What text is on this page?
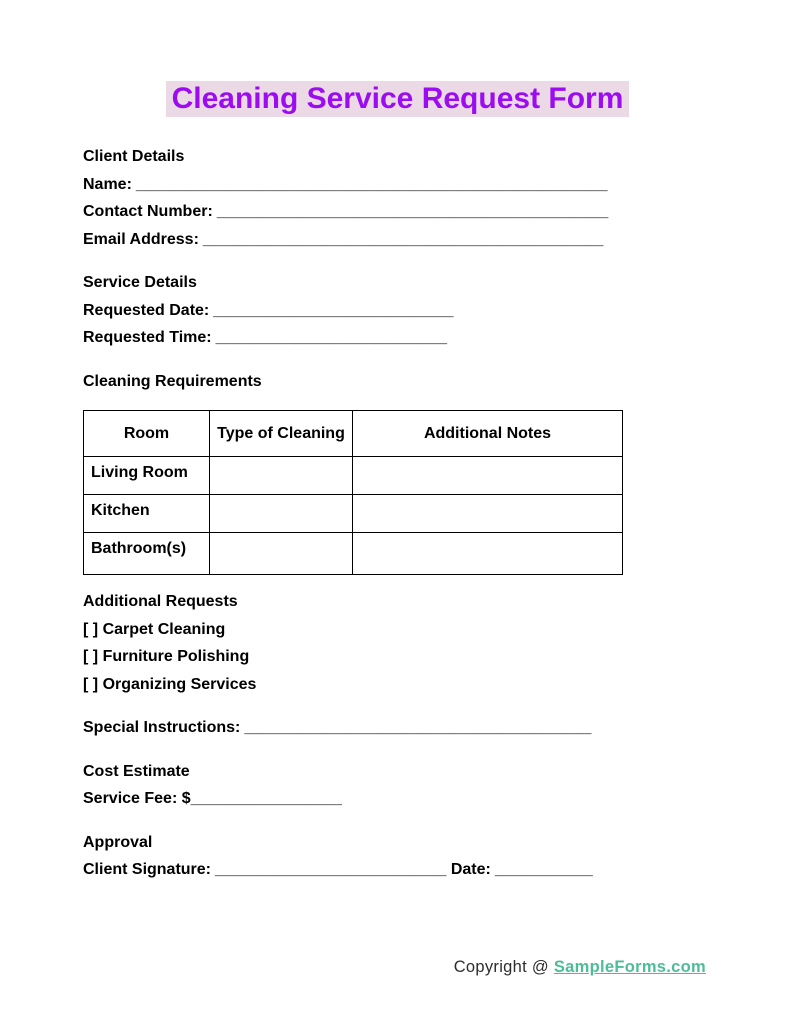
Cleaning Service Request Form

Client Details

Name: _____________________________________________________

Contact Number: ____________________________________________

Email Address: _____________________________________________

Service Details

Requested Date: ___________________________

Requested Time: __________________________

Cleaning Requirements

Room	Type of Cleaning	Additional Notes
Living Room		
Kitchen		
Bathroom(s)		

Additional Requests

[ ] Carpet Cleaning

[ ] Furniture Polishing

[ ] Organizing Services

Special Instructions: _______________________________________

Cost Estimate

Service Fee: $_________________

Approval

Client Signature: __________________________ Date: ___________

Copyright @ SampleForms.com
